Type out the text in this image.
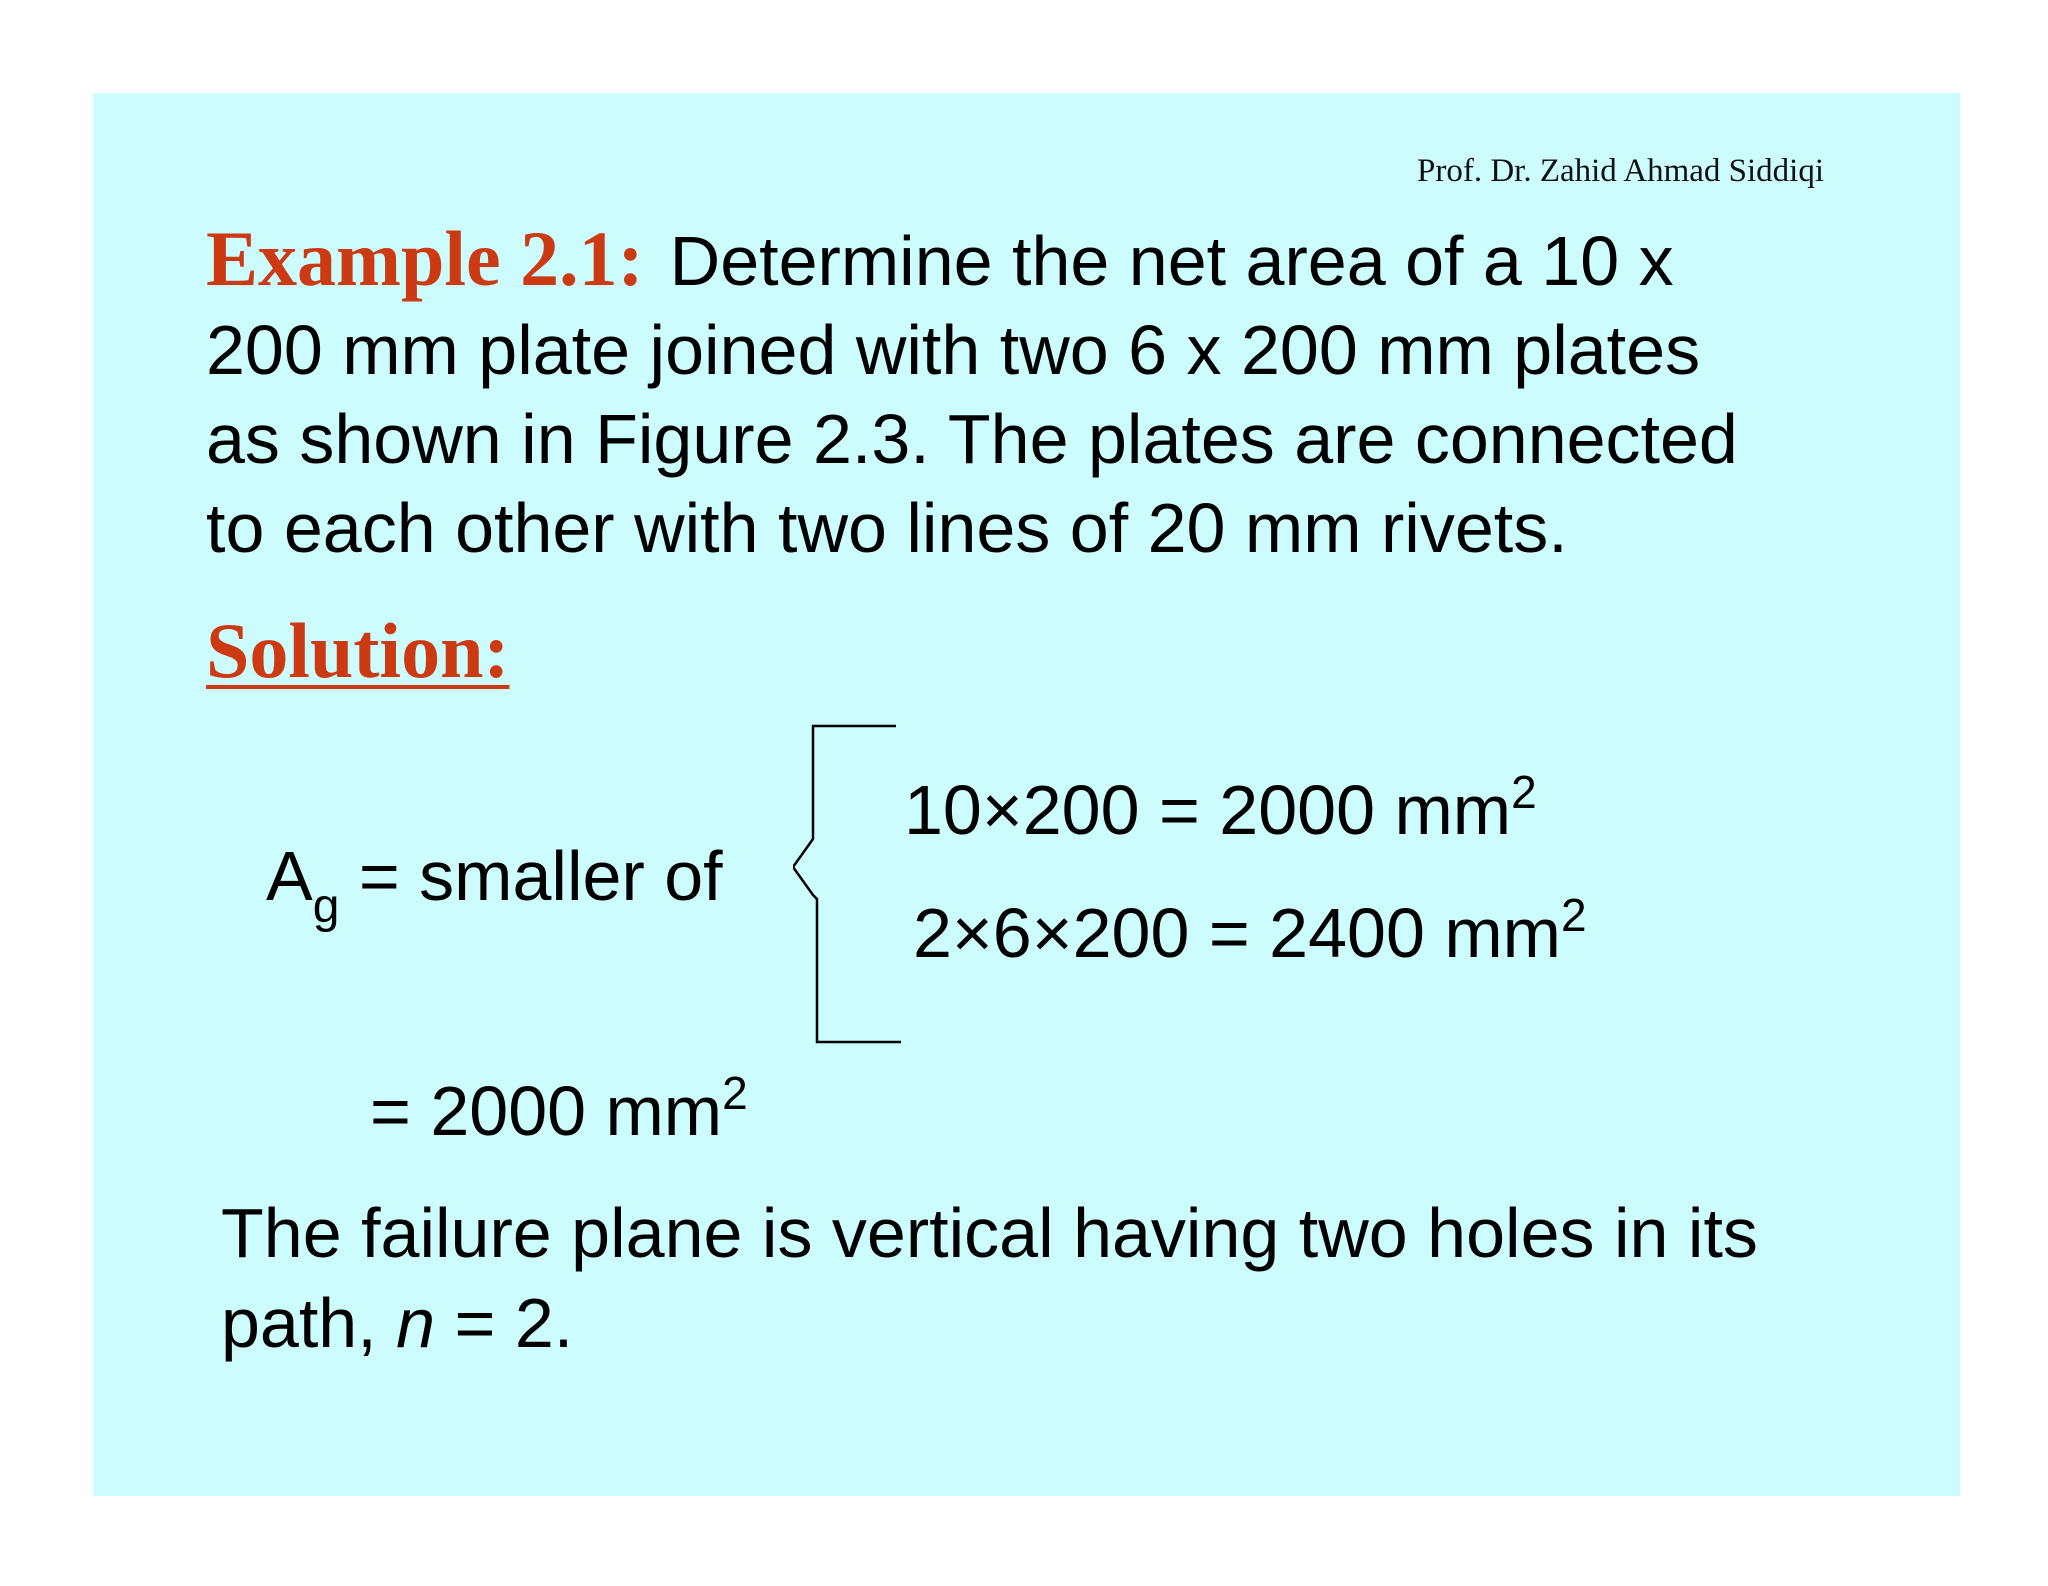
Prof. Dr. Zahid Ahmad Siddiqi
Example 2.1: Determine the net area of a 10 x
200 mm plate joined with two 6 x 200 mm plates
as shown in Figure 2.3. The plates are connected
to each other with two lines of 20 mm rivets.
Solution:
$A_g$ = smaller of
10×200 = 2000 $mm^2$
2×6×200 = 2400 $mm^2$
= 2000 $mm^2$
The failure plane is vertical having two holes in its
path, n = 2.
